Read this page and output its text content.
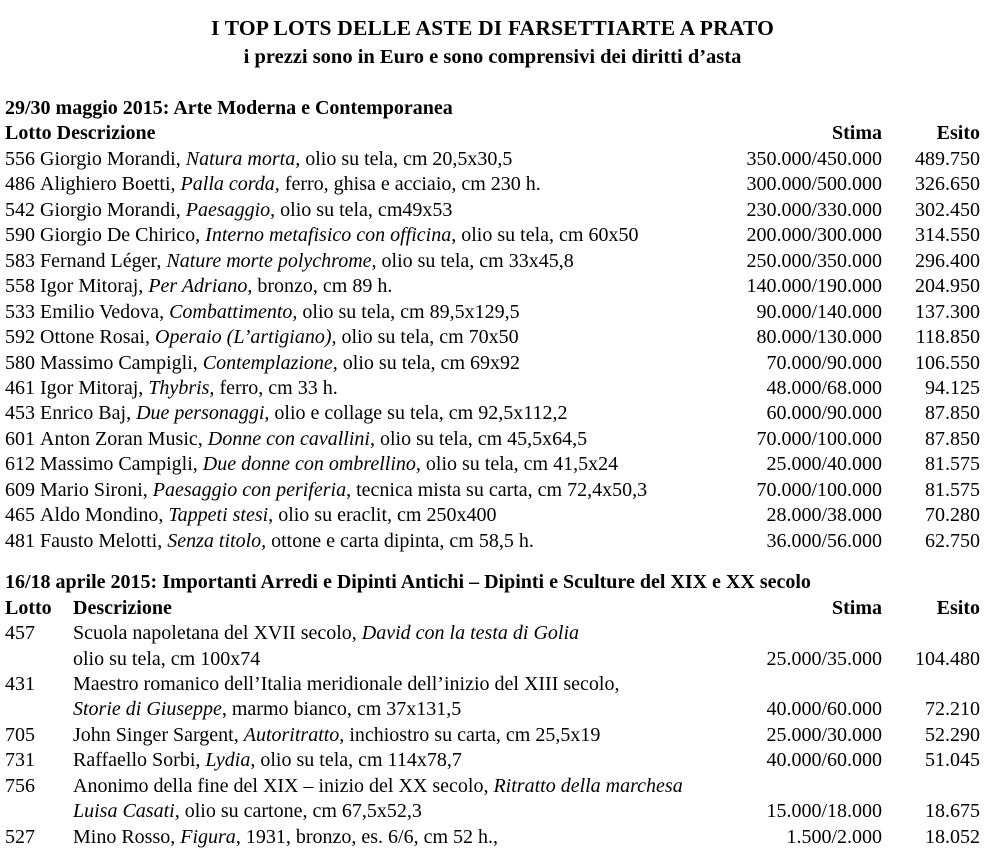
I TOP LOTS DELLE ASTE DI FARSETTIARTE A PRATO
i prezzi sono in Euro e sono comprensivi dei diritti d’asta
29/30 maggio 2015: Arte Moderna e Contemporanea
Lotto Descrizione	Stima	Esito
556 Giorgio Morandi, Natura morta, olio su tela, cm 20,5x30,5	350.000/450.000	489.750
486 Alighiero Boetti, Palla corda, ferro, ghisa e acciaio, cm 230 h.	300.000/500.000	326.650
542 Giorgio Morandi, Paesaggio, olio su tela, cm49x53	230.000/330.000	302.450
590 Giorgio De Chirico, Interno metafisico con officina, olio su tela, cm 60x50	200.000/300.000	314.550
583 Fernand Léger, Nature morte polychrome, olio su tela, cm 33x45,8	250.000/350.000	296.400
558 Igor Mitoraj, Per Adriano, bronzo, cm 89 h.	140.000/190.000	204.950
533 Emilio Vedova, Combattimento, olio su tela, cm 89,5x129,5	90.000/140.000	137.300
592 Ottone Rosai, Operaio (L’artigiano), olio su tela, cm 70x50	80.000/130.000	118.850
580 Massimo Campigli, Contemplazione, olio su tela, cm 69x92	70.000/90.000	106.550
461 Igor Mitoraj, Thybris, ferro, cm 33 h.	48.000/68.000	94.125
453 Enrico Baj, Due personaggi, olio e collage su tela, cm 92,5x112,2	60.000/90.000	87.850
601 Anton Zoran Music, Donne con cavallini, olio su tela, cm 45,5x64,5	70.000/100.000	87.850
612 Massimo Campigli, Due donne con ombrellino, olio su tela, cm 41,5x24	25.000/40.000	81.575
609 Mario Sironi, Paesaggio con periferia, tecnica mista su carta, cm 72,4x50,3	70.000/100.000	81.575
465 Aldo Mondino, Tappeti stesi, olio su eraclit, cm 250x400	28.000/38.000	70.280
481 Fausto Melotti, Senza titolo, ottone e carta dipinta, cm 58,5 h.	36.000/56.000	62.750
16/18 aprile 2015: Importanti Arredi e Dipinti Antichi – Dipinti e Sculture del XIX e XX secolo
Lotto	Descrizione	Stima	Esito
457	Scuola napoletana del XVII secolo, David con la testa di Golia
olio su tela, cm 100x74	25.000/35.000	104.480
431	Maestro romanico dell’Italia meridionale dell’inizio del XIII secolo,
Storie di Giuseppe, marmo bianco, cm 37x131,5	40.000/60.000	72.210
705	John Singer Sargent, Autoritratto, inchiostro su carta, cm 25,5x19	25.000/30.000	52.290
731	Raffaello Sorbi, Lydia, olio su tela, cm 114x78,7	40.000/60.000	51.045
756	Anonimo della fine del XIX – inizio del XX secolo, Ritratto della marchesa
Luisa Casati, olio su cartone, cm 67,5x52,3	15.000/18.000	18.675
527	Mino Rosso, Figura, 1931, bronzo, es. 6/6, cm 52 h.,	1.500/2.000	18.052
